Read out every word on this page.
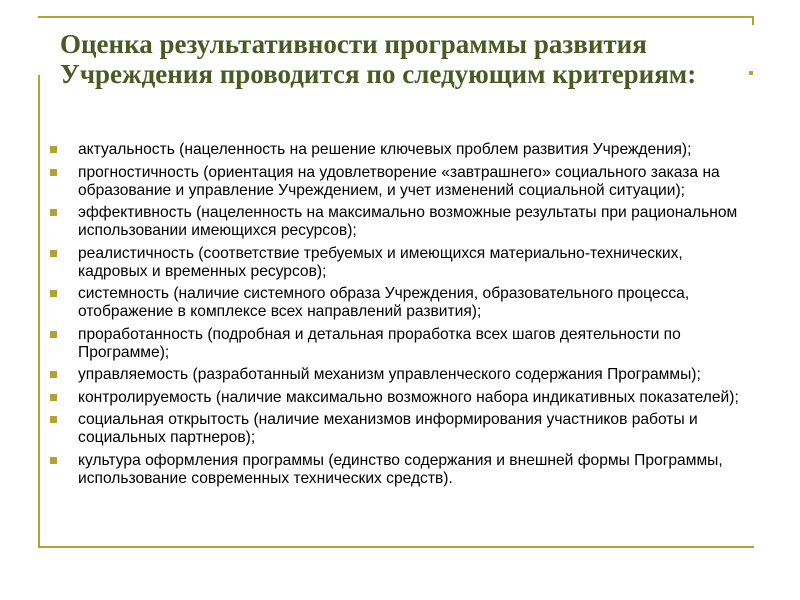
Оценка результативности программы развития Учреждения проводится по следующим критериям:
актуальность (нацеленность на решение ключевых проблем развития Учреждения);
прогностичность (ориентация на удовлетворение «завтрашнего» социального заказа на образование и управление Учреждением, и учет изменений социальной ситуации);
эффективность (нацеленность на максимально возможные результаты при рациональном использовании имеющихся ресурсов);
реалистичность (соответствие требуемых и имеющихся материально-технических, кадровых и временных ресурсов);
системность (наличие системного образа Учреждения, образовательного процесса, отображение в комплексе всех направлений развития);
проработанность (подробная и детальная проработка всех шагов деятельности по Программе);
управляемость (разработанный механизм управленческого содержания Программы);
контролируемость (наличие максимально возможного набора индикативных показателей);
социальная открытость (наличие механизмов информирования участников работы и социальных партнеров);
культура оформления программы (единство содержания и внешней формы Программы, использование современных технических средств).
